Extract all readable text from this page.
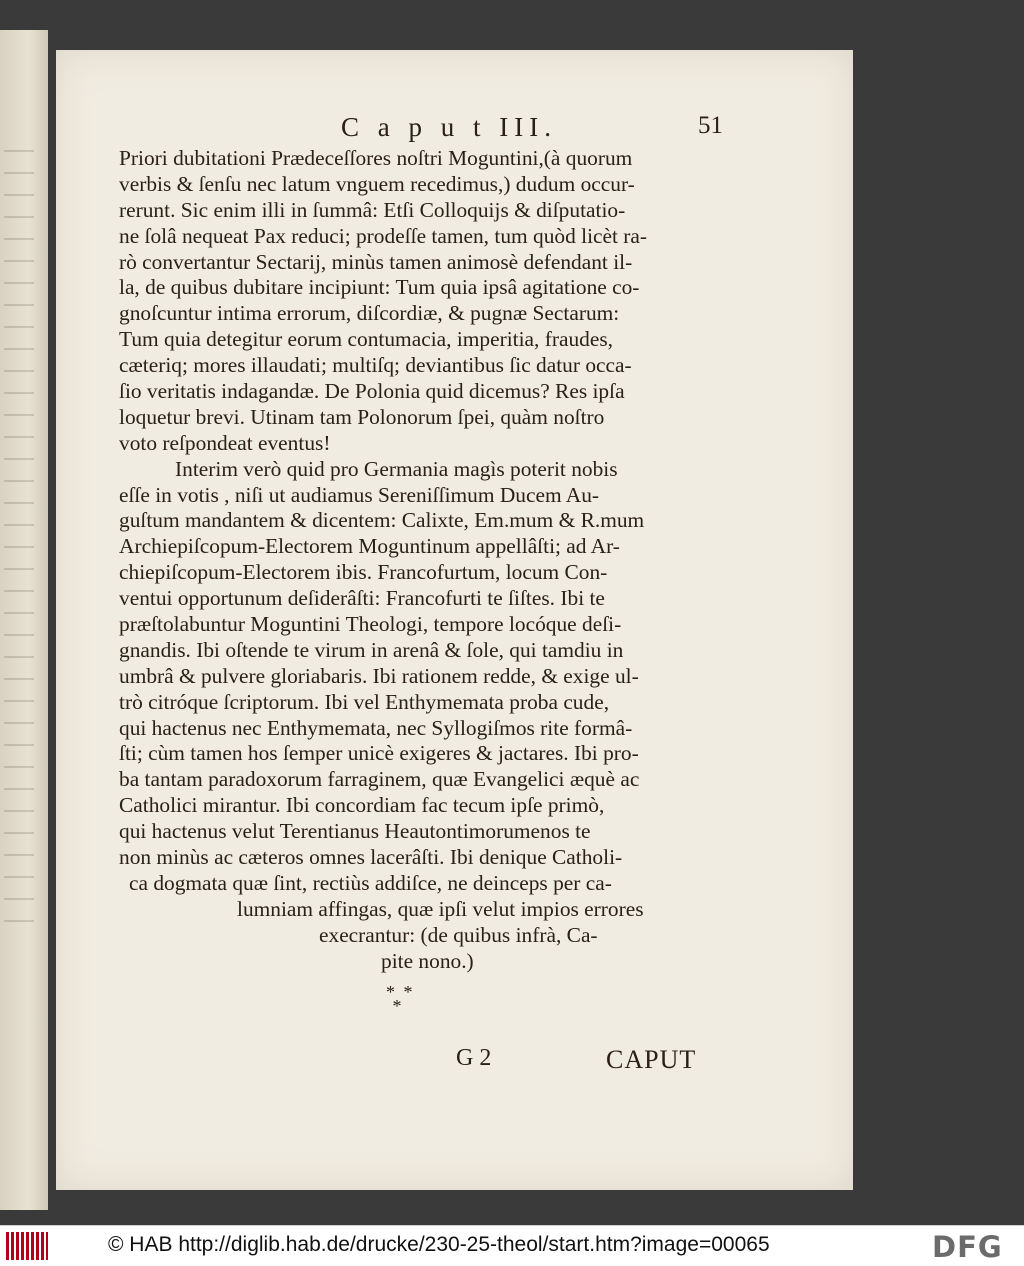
C a p u t III.	51
Priori dubitationi Prædeceſſores noſtri Moguntini,(à quorum
verbis & ſenſu nec latum vnguem recedimus,) dudum occur-
rerunt. Sic enim illi in ſummâ: Etſi Colloquijs & diſputatio-
ne ſolâ nequeat Pax reduci; prodeſſe tamen, tum quòd licèt ra-
rò convertantur Sectarij, minùs tamen animosè defendant il-
la, de quibus dubitare incipiunt: Tum quia ipsâ agitatione co-
gnoſcuntur intima errorum, diſcordiæ, & pugnæ Sectarum:
Tum quia detegitur eorum contumacia, imperitia, fraudes,
cæteriq; mores illaudati; multiſq; deviantibus ſic datur occa-
ſio veritatis indagandæ. De Polonia quid dicemus? Res ipſa
loquetur brevi. Utinam tam Polonorum ſpei, quàm noſtro
voto reſpondeat eventus!
Interim verò quid pro Germania magìs poterit nobis
eſſe in votis , niſi ut audiamus Sereniſſimum Ducem Au-
guſtum mandantem & dicentem: Calixte, Em.mum & R.mum
Archiepiſcopum-Electorem Moguntinum appellâſti; ad Ar-
chiepiſcopum-Electorem ibis. Francofurtum, locum Con-
ventui opportunum deſiderâſti: Francofurti te ſiſtes. Ibi te
præſtolabuntur Moguntini Theologi, tempore locóque deſi-
gnandis. Ibi oſtende te virum in arenâ & ſole, qui tamdiu in
umbrâ & pulvere gloriabaris. Ibi rationem redde, & exige ul-
trò citróque ſcriptorum. Ibi vel Enthymemata proba cude,
qui hactenus nec Enthymemata, nec Syllogiſmos rite formâ-
ſti; cùm tamen hos ſemper unicè exigeres & jactares. Ibi pro-
ba tantam paradoxorum farraginem, quæ Evangelici æquè ac
Catholici mirantur. Ibi concordiam fac tecum ipſe primò,
qui hactenus velut Terentianus Heautontimorumenos te
non minùs ac cæteros omnes lacerâſti. Ibi denique Catholi-
ca dogmata quæ ſint, rectiùs addiſce, ne deinceps per ca-
lumniam affingas, quæ ipſi velut impios errores
execrantur: (de quibus infrà, Ca-
pite nono.)
* *
*
G 2	CAPUT
© HAB http://diglib.hab.de/drucke/230-25-theol/start.htm?image=00065	DFG
